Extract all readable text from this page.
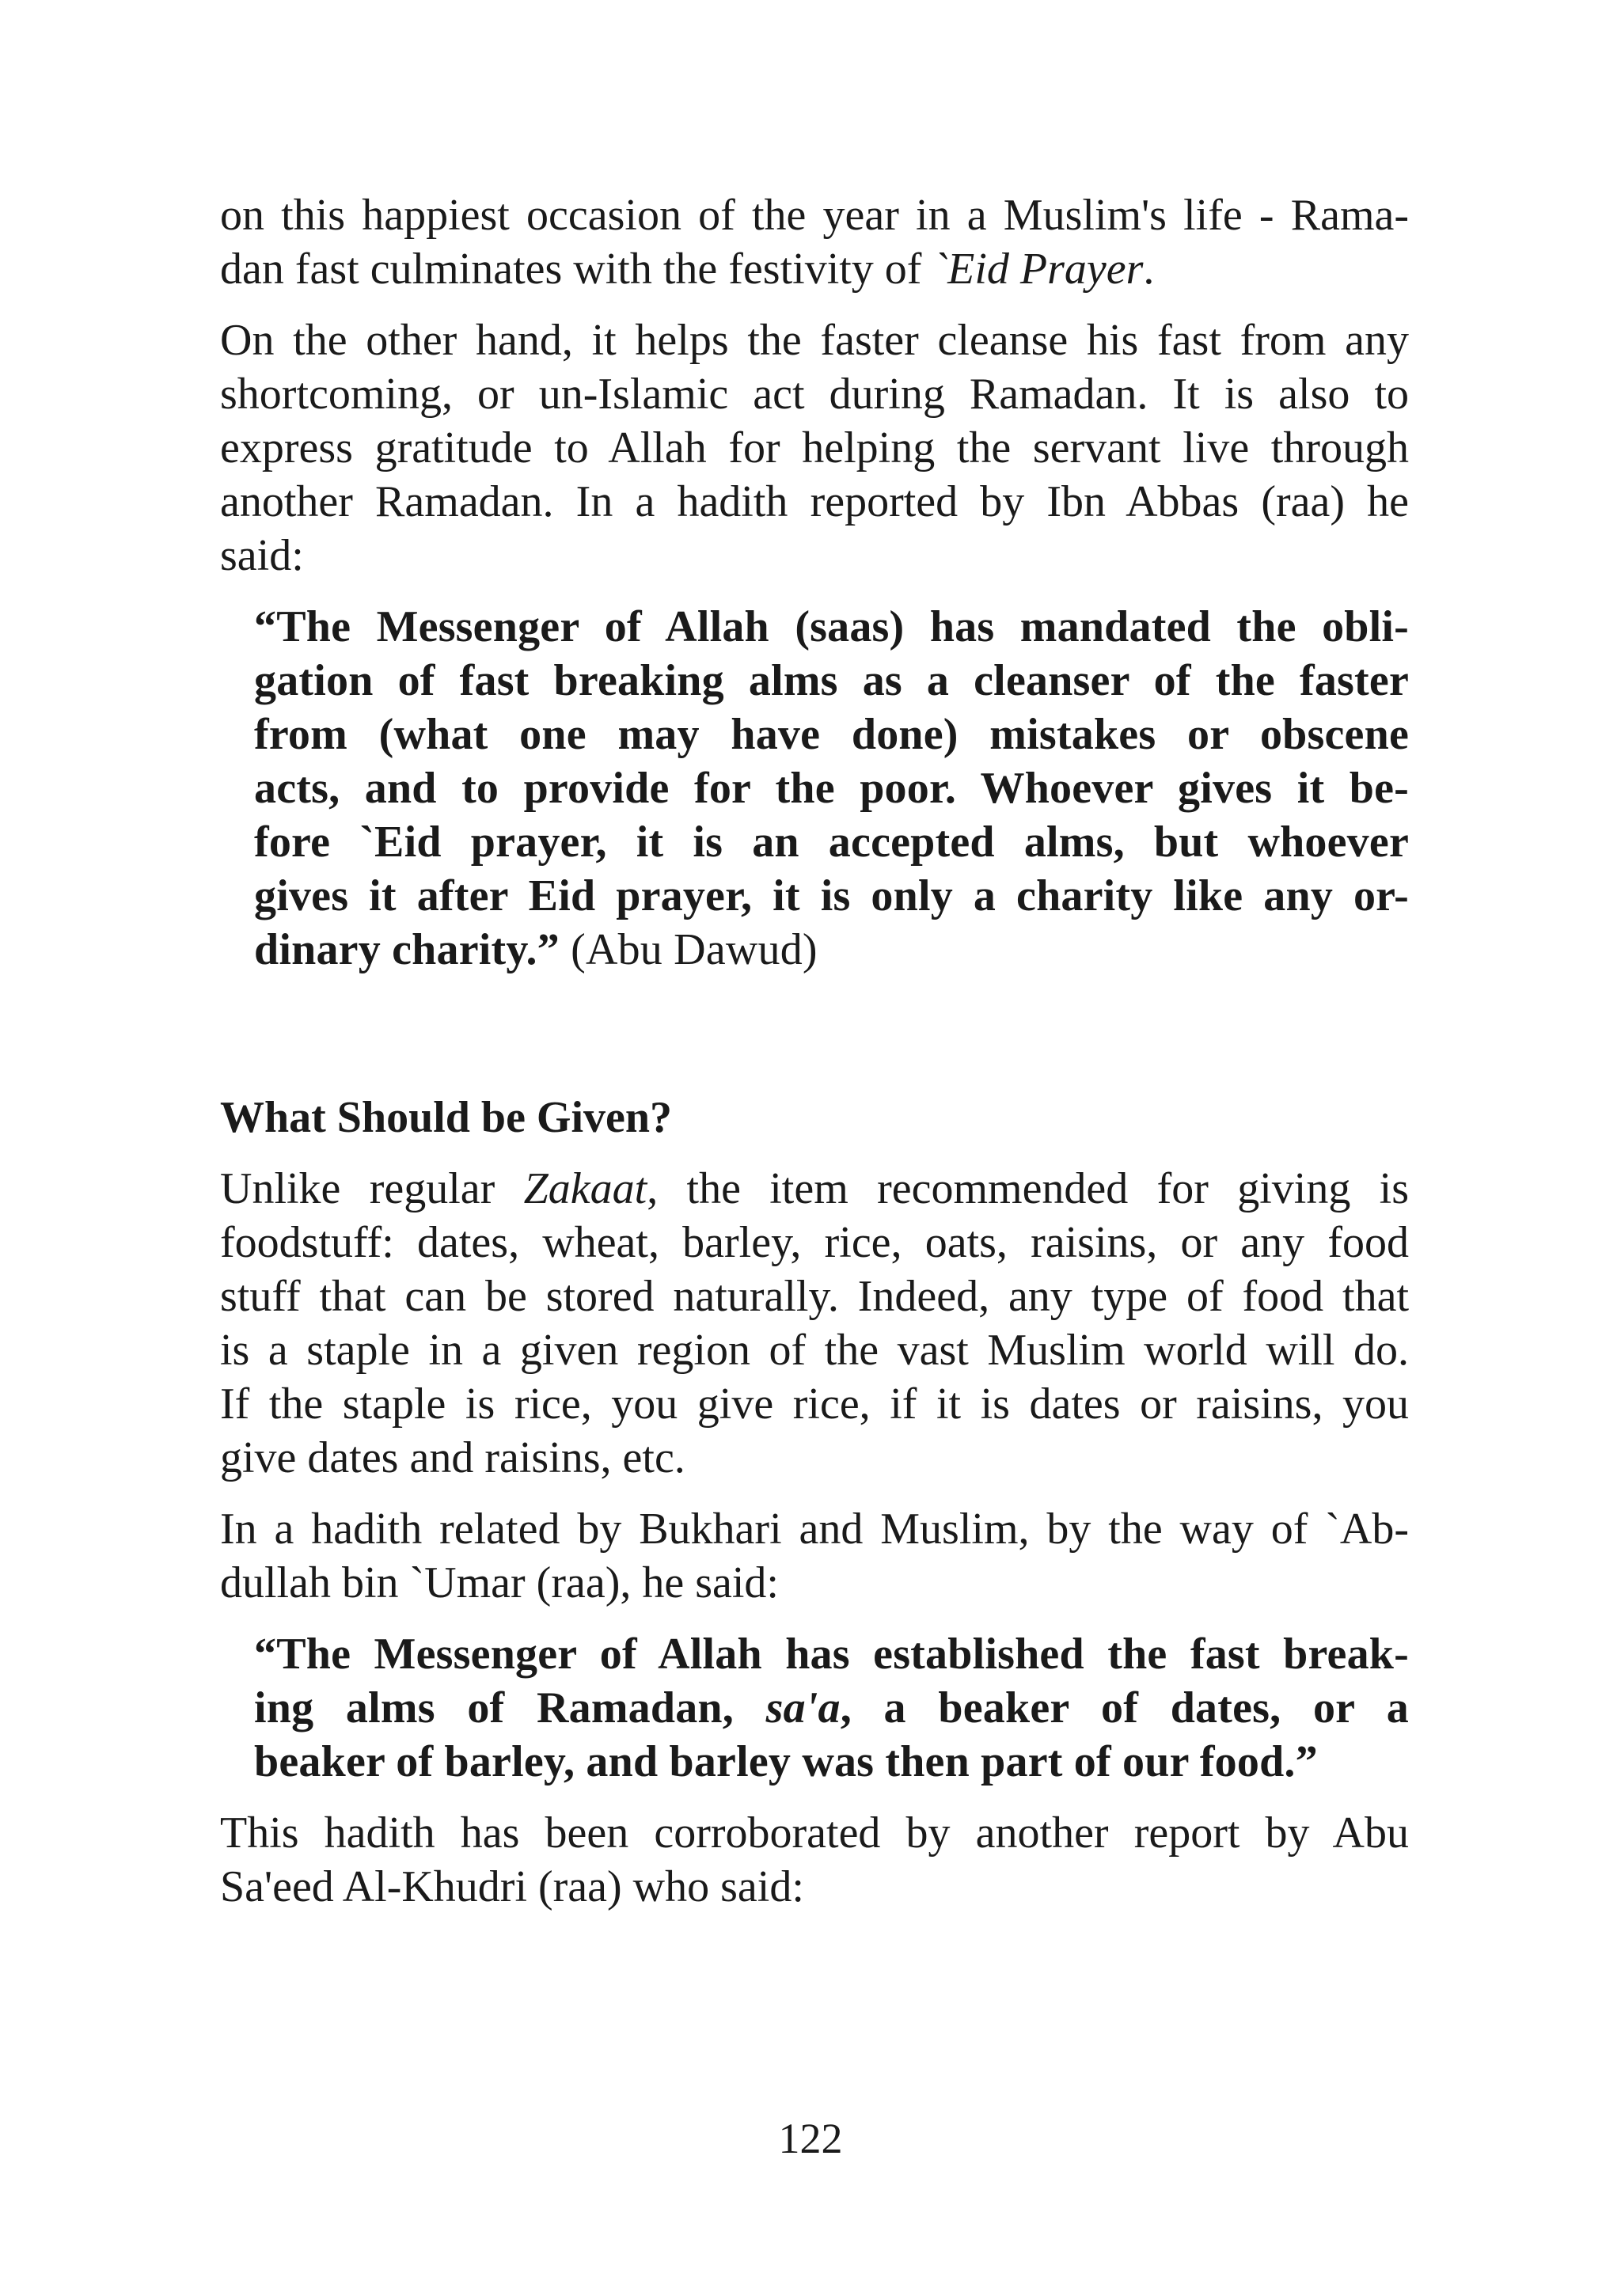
on this happiest occasion of the year in a Muslim's life - Rama-
dan fast culminates with the festivity of `Eid Prayer.

On the other hand, it helps the faster cleanse his fast from any
shortcoming, or un-Islamic act during Ramadan. It is also to
express gratitude to Allah for helping the servant live through
another Ramadan. In a hadith reported by Ibn Abbas (raa) he
said:

“The Messenger of Allah (saas) has mandated the obli-
gation of fast breaking alms as a cleanser of the faster
from (what one may have done) mistakes or obscene
acts, and to provide for the poor. Whoever gives it be-
fore `Eid prayer, it is an accepted alms, but whoever
gives it after Eid prayer, it is only a charity like any or-
dinary charity.” (Abu Dawud)
What Should be Given?

Unlike regular Zakaat, the item recommended for giving is
foodstuff: dates, wheat, barley, rice, oats, raisins, or any food
stuff that can be stored naturally. Indeed, any type of food that
is a staple in a given region of the vast Muslim world will do.
If the staple is rice, you give rice, if it is dates or raisins, you
give dates and raisins, etc.

In a hadith related by Bukhari and Muslim, by the way of `Ab-
dullah bin `Umar (raa), he said:

“The Messenger of Allah has established the fast break-
ing alms of Ramadan, sa'a, a beaker of dates, or a
beaker of barley, and barley was then part of our food.”

This hadith has been corroborated by another report by Abu
Sa'eed Al-Khudri (raa) who said:

122
